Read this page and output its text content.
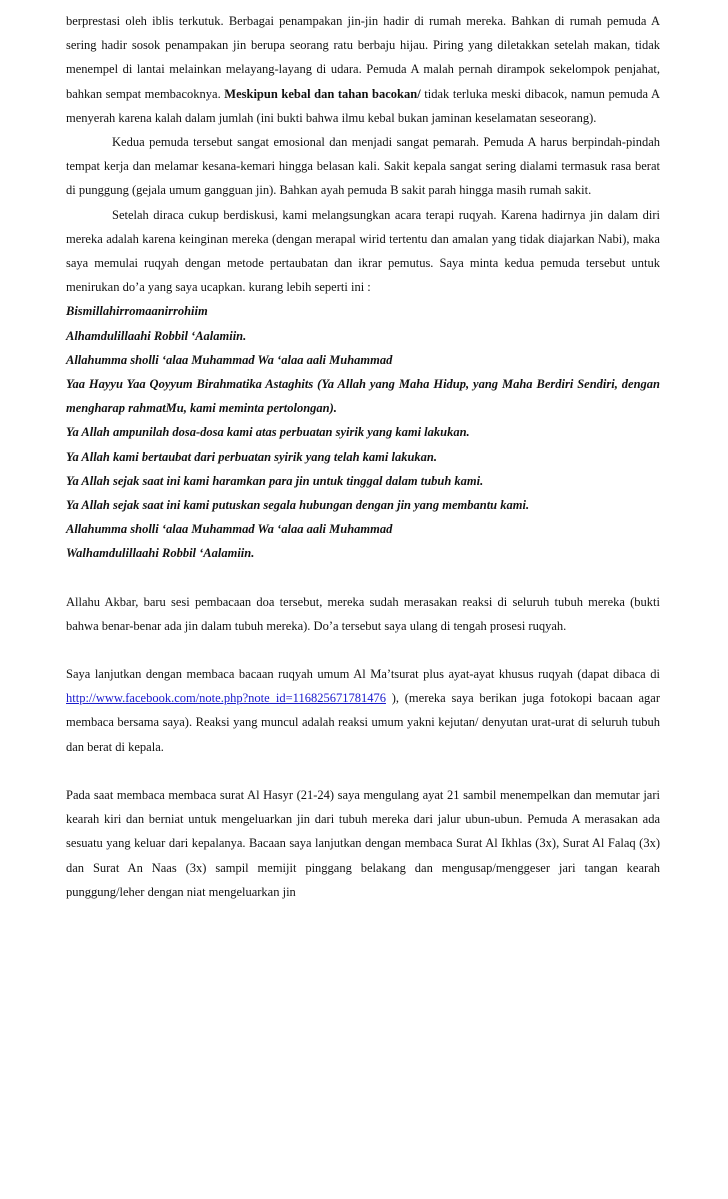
berprestasi oleh iblis terkutuk. Berbagai penampakan jin-jin hadir di rumah mereka. Bahkan di rumah pemuda A sering hadir sosok penampakan jin berupa seorang ratu berbaju hijau. Piring yang diletakkan setelah makan, tidak menempel di lantai melainkan melayang-layang di udara. Pemuda A malah pernah dirampok sekelompok penjahat, bahkan sempat membacoknya. Meskipun kebal dan tahan bacokan/ tidak terluka meski dibacok, namun pemuda A menyerah karena kalah dalam jumlah (ini bukti bahwa ilmu kebal bukan jaminan keselamatan seseorang).

Kedua pemuda tersebut sangat emosional dan menjadi sangat pemarah. Pemuda A harus berpindah-pindah tempat kerja dan melamar kesana-kemari hingga belasan kali. Sakit kepala sangat sering dialami termasuk rasa berat di punggung (gejala umum gangguan jin). Bahkan ayah pemuda B sakit parah hingga masih rumah sakit.

Setelah diraca cukup berdiskusi, kami melangsungkan acara terapi ruqyah. Karena hadirnya jin dalam diri mereka adalah karena keinginan mereka (dengan merapal wirid tertentu dan amalan yang tidak diajarkan Nabi), maka saya memulai ruqyah dengan metode pertaubatan dan ikrar pemutus. Saya minta kedua pemuda tersebut untuk menirukan do’a yang saya ucapkan. kurang lebih seperti ini :

Bismillahirromaanirrohiim
Alhamdulillaahi Robbil ‘Aalamiin.
Allahumma sholli ‘alaa Muhammad Wa ‘alaa aali Muhammad
Yaa Hayyu Yaa Qoyyum Birahmatika Astaghits (Ya Allah yang Maha Hidup, yang Maha Berdiri Sendiri, dengan mengharap rahmatMu, kami meminta pertolongan).
Ya Allah ampunilah dosa-dosa kami atas perbuatan syirik yang kami lakukan.
Ya Allah kami bertaubat dari perbuatan syirik yang telah kami lakukan.
Ya Allah sejak saat ini kami haramkan para jin untuk tinggal dalam tubuh kami.
Ya Allah sejak saat ini kami putuskan segala hubungan dengan jin yang membantu kami.
Allahumma sholli ‘alaa Muhammad Wa ‘alaa aali Muhammad
Walhamdulillaahi Robbil ‘Aalamiin.

Allahu Akbar, baru sesi pembacaan doa tersebut, mereka sudah merasakan reaksi di seluruh tubuh mereka (bukti bahwa benar-benar ada jin dalam tubuh mereka). Do’a tersebut saya ulang di tengah prosesi ruqyah.

Saya lanjutkan dengan membaca bacaan ruqyah umum Al Ma’tsurat plus ayat-ayat khusus ruqyah (dapat dibaca di http://www.facebook.com/note.php?note_id=116825671781476 ), (mereka saya berikan juga fotokopi bacaan agar membaca bersama saya). Reaksi yang muncul adalah reaksi umum yakni kejutan/ denyutan urat-urat di seluruh tubuh dan berat di kepala.

Pada saat membaca membaca surat Al Hasyr (21-24) saya mengulang ayat 21 sambil menempelkan dan memutar jari kearah kiri dan berniat untuk mengeluarkan jin dari tubuh mereka dari jalur ubun-ubun. Pemuda A merasakan ada sesuatu yang keluar dari kepalanya. Bacaan saya lanjutkan dengan membaca Surat Al Ikhlas (3x), Surat Al Falaq (3x) dan Surat An Naas (3x) sampil memijit pinggang belakang dan mengusap/menggeser jari tangan kearah punggung/leher dengan niat mengeluarkan jin
